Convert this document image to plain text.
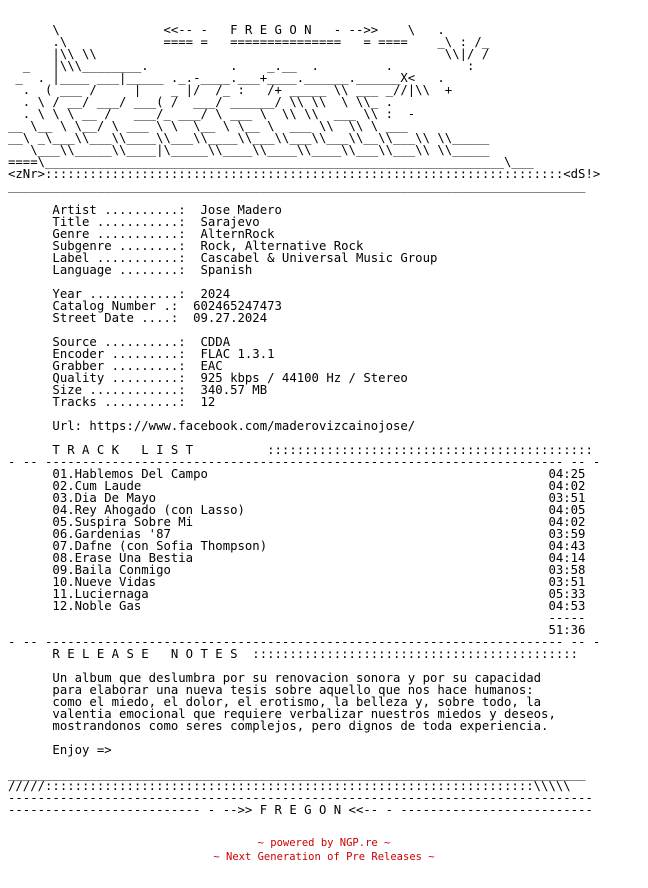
\              <<-- -   F R E G O N   - -->>    \   .
.\             ==== =   ===============   = ====    _\ : /_
|\\ \\                                               \\|/ /
_   |\\\________.           .    _.__  .         .          :
_  . |____ ___|_____ ._.-____.___+____.______.______X<   .
.  ( ___ /     |    _ |/  /_ :   /+ _____ \\ ___ _//|\\  +
. \ / __/ ___/ ___( /  ___/ ______/ \\ \\  \ \\_ .
. \ \ \ __ /   ___/_ ___/ \ ___ \  \\ \\  ___ \\ :  -
__ \__ \ \__/ \ ___ \ \  \__ \ \__ \  ___ \\  \\ \ ___
__\ _\___\\___\\____\\___\\____\\___\\___\\___\\__\\___\\ \\_____
\___\\_____\\____|\_____\\____\\____\\____\\___\\___\\ \\_____
====\______________________________________________________________\___
<zNr>::::::::::::::::::::::::::::::::::::::::::::::::::::::::::::::::::::::<dS!>
______________________________________________________________________________

Artist ..........:  Jose Madero
Title ...........:  Sarajevo
Genre ...........:  AlternRock
Subgenre ........:  Rock, Alternative Rock
Label ...........:  Cascabel & Universal Music Group
Language ........:  Spanish

Year ............:  2024
Catalog Number .:  602465247473
Street Date ....:  09.27.2024

Source ..........:  CDDA
Encoder .........:  FLAC 1.3.1
Grabber .........:  EAC
Quality .........:  925 kbps / 44100 Hz / Stereo
Size ............:  340.57 MB
Tracks ..........:  12

Url: https://www.facebook.com/maderovizcainojose/

T R A C K   L I S T          ::::::::::::::::::::::::::::::::::::::::::::
- -- ---------------------------------------------------------------------- -- -
01.Hablemos Del Campo                                              04:25
02.Cum Laude                                                       04:02
03.Dia De Mayo                                                     03:51
04.Rey Ahogado (con Lasso)                                         04:05
05.Suspira Sobre Mi                                                04:02
06.Gardenias '87                                                   03:59
07.Dafne (con Sofia Thompson)                                      04:43
08.Erase Una Bestia                                                04:14
09.Baila Conmigo                                                   03:58
10.Nueve Vidas                                                     03:51
11.Luciernaga                                                      05:33
12.Noble Gas                                                       04:53
-----
51:36
- -- ---------------------------------------------------------------------- -- -
R E L E A S E   N O T E S  ::::::::::::::::::::::::::::::::::::::::::::

Un album que deslumbra por su renovacion sonora y por su capacidad
para elaborar una nueva tesis sobre aquello que nos hace humanos:
como el miedo, el dolor, el erotismo, la belleza y, sobre todo, la
valentia emocional que requiere verbalizar nuestros miedos y deseos,
mostrandonos como seres complejos, pero dignos de toda experiencia.

Enjoy =>

______________________________________________________________________________
/////::::::::::::::::::::::::::::::::::::::::::::::::::::::::::::::::::\\\\\
-------------------------------------------------------------------------------
-------------------------- - -->> F R E G O N <<-- - --------------------------
~ powered by NGP.re ~
~ Next Generation of Pre Releases ~
